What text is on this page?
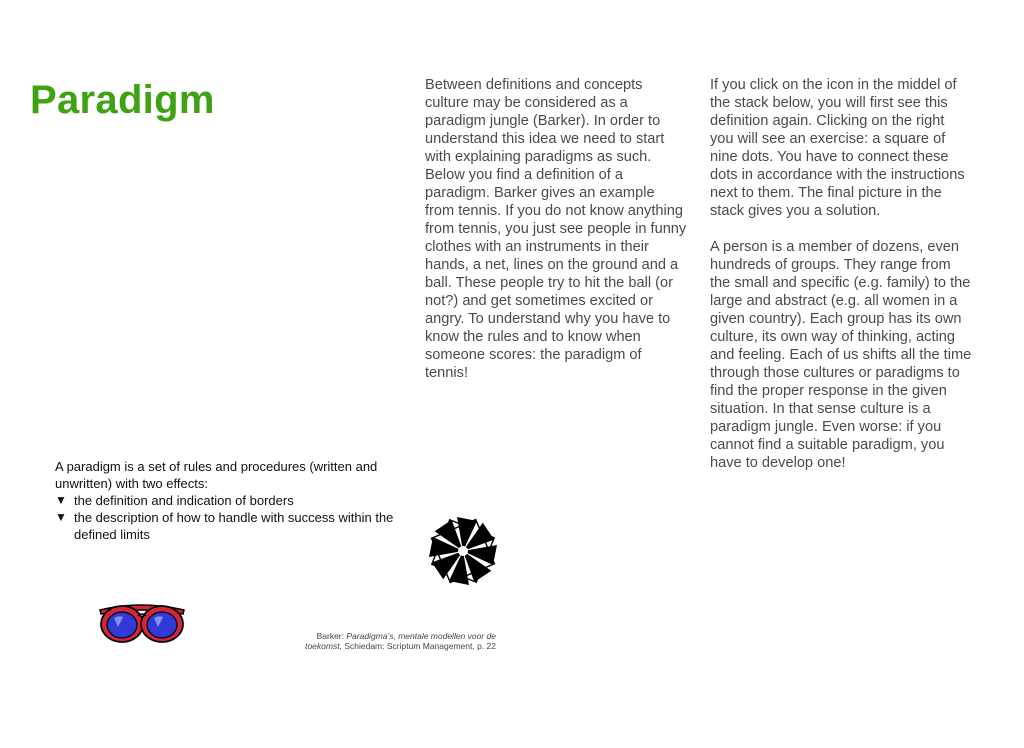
Paradigm	Between definitions and concepts culture may be considered as a paradigm jungle (Barker). In order to understand this idea we need to start with explaining paradigms as such. Below you find a definition of a paradigm. Barker gives an example from tennis. If you do not know anything from tennis, you just see people in funny clothes with an instruments in their hands, a net, lines on the ground and a ball. These people try to hit the ball (or not?) and get sometimes excited or angry. To understand why you have to know the rules and to know when someone scores: the paradigm of tennis!

If you click on the icon in the middel of the stack below, you will first see this definition again. Clicking on the right you will see an exercise: a square of nine dots. You have to connect these dots in accordance with the instructions next to them. The final picture in the stack gives you a solution.

A person is a member of dozens, even hundreds of groups. They range from the small and specific (e.g. family) to the large and abstract (e.g. all women in a given country). Each group has its own culture, its own way of thinking, acting and feeling. Each of us shifts all the time through those cultures or paradigms to find the proper response in the given situation. In that sense culture is a paradigm jungle. Even worse: if you cannot find a suitable paradigm, you have to develop one!

A paradigm is a set of rules and procedures (written and unwritten) with two effects:
▼ the definition and indication of borders
▼ the description of how to handle with success within the defined limits
Barker: Paradigma’s, mentale modellen voor de toekomst, Schiedam: Scriptum Management, p. 22
